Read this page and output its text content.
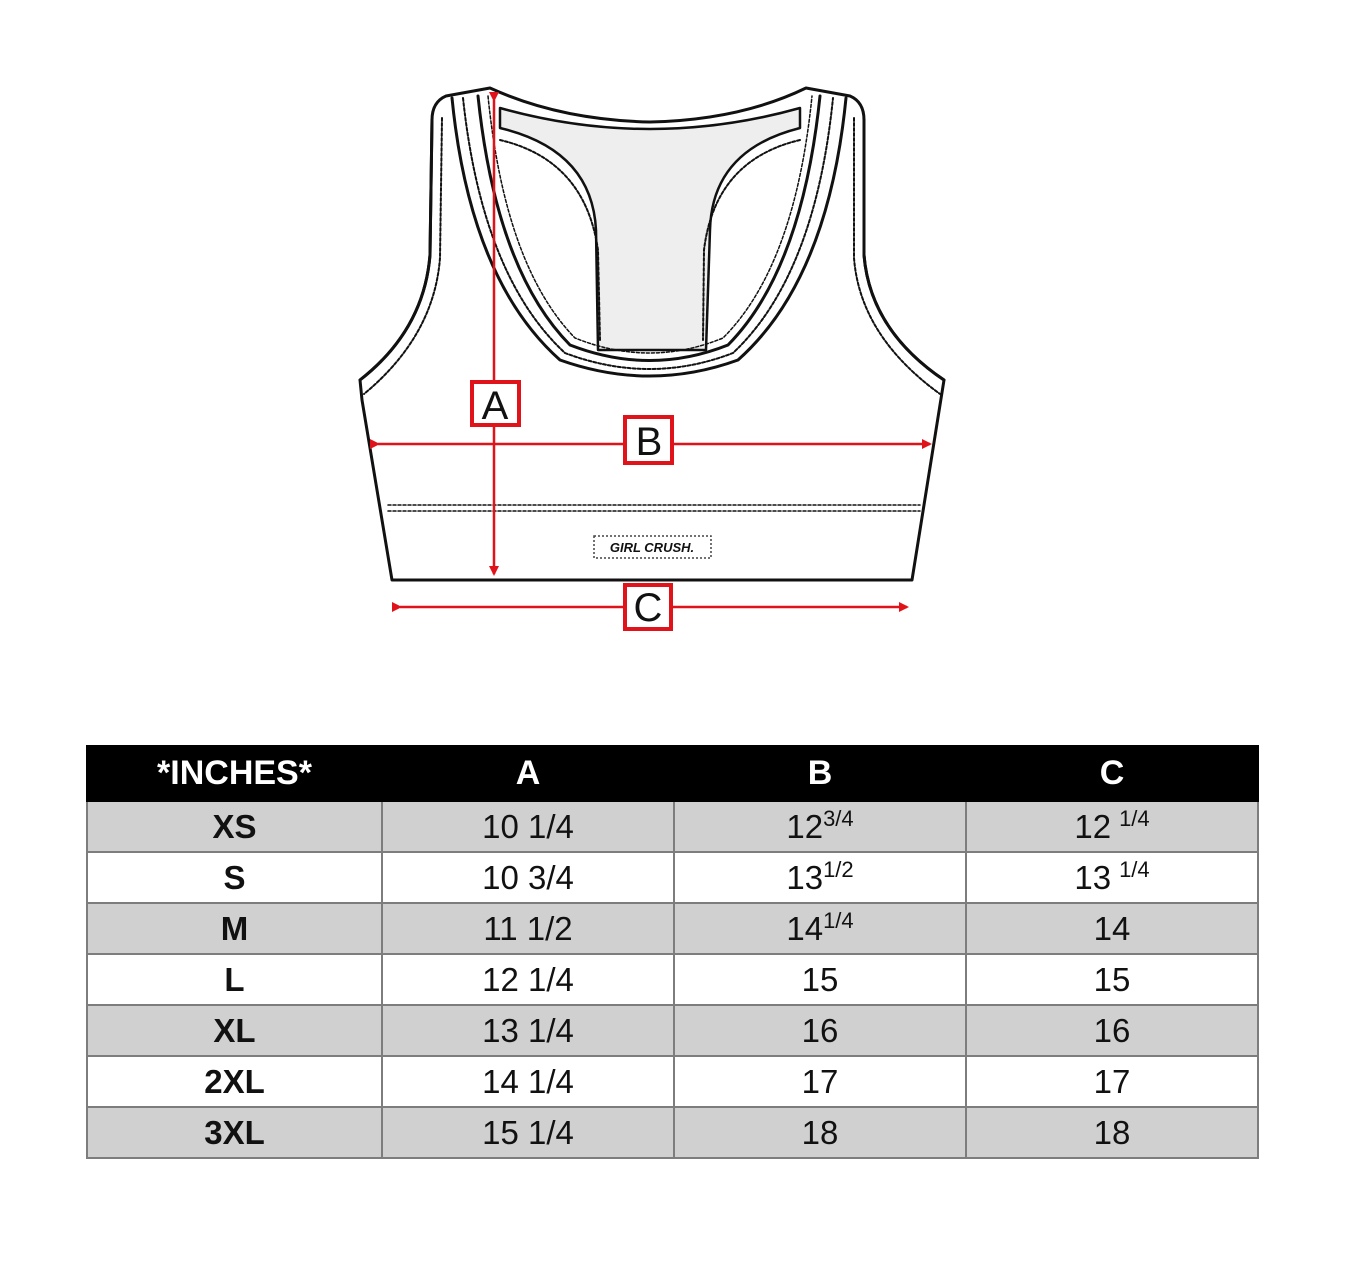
GIRL CRUSH.
A
B
C
*INCHES*	A	B	C
XS	10 1/4	$12^{3/4}$	12 $^{1/4}$
S	10 3/4	$13^{1/2}$	13 $^{1/4}$
M	11 1/2	$14^{1/4}$	14
L	12 1/4	15	15
XL	13 1/4	16	16
2XL	14 1/4	17	17
3XL	15 1/4	18	18
